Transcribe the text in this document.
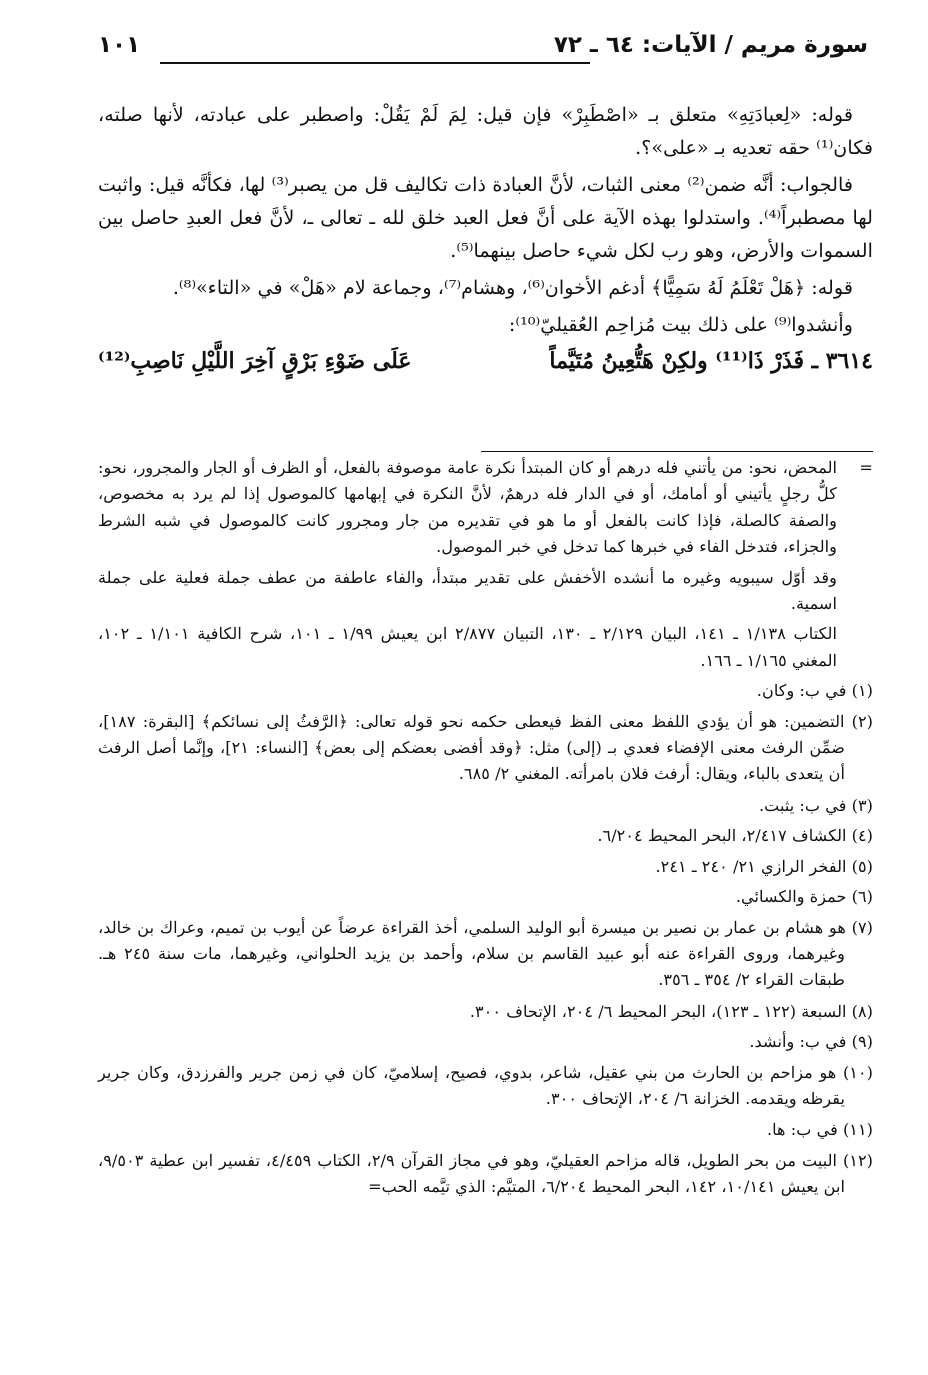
سورة مريم / الآيات: ٦٤ ـ ٧٢
١٠١

قوله: «لِعبادَتِهِ» متعلق بـ «اصْطَبِرْ» فإن قيل: لِمَ لَمْ يَقُلْ: واصطبر على عبادته، لأنها صلته، فكان⁽¹⁾ حقه تعديه بـ «على»؟.

فالجواب: أنَّه ضمن⁽²⁾ معنى الثبات، لأنَّ العبادة ذات تكاليف قل من يصبر⁽³⁾ لها، فكأنَّه قيل: واثبت لها مصطبراً⁽⁴⁾. واستدلوا بهذه الآية على أنَّ فعل العبد خلق لله ـ تعالى ـ، لأنَّ فعل العبدِ حاصل بين السموات والأرض، وهو رب لكل شيء حاصل بينهما⁽⁵⁾.

قوله: ﴿هَلْ تَعْلَمُ لَهُ سَمِيًّا﴾ أدغم الأخوان⁽⁶⁾، وهشام⁽⁷⁾، وجماعة لام «هَلْ» في «التاء»⁽⁸⁾.

وأنشدوا⁽⁹⁾ على ذلك بيت مُزاحِم العُقيليّ⁽¹⁰⁾:

٣٦١٤ ـ فَذَرْ ذَا⁽¹¹⁾ ولكِنْ هَتُّعِينُ مُتَيَّماً
عَلَى ضَوْءِ بَرْقٍ آخِرَ اللَّيْلِ نَاصِبِ⁽¹²⁾
=
المحض، نحو: من يأتني فله درهم أو كان المبتدأ نكرة عامة موصوفة بالفعل، أو الظرف أو الجار والمجرور، نحو: كلُّ رجلٍ يأتيني أو أمامك، أو في الدار فله درهمٌ، لأنَّ النكرة في إبهامها كالموصول إذا لم يرد به مخصوص، والصفة كالصلة، فإذا كانت بالفعل أو ما هو في تقديره من جار ومجرور كانت كالموصول في شبه الشرط والجزاء، فتدخل الفاء في خبرها كما تدخل في خبر الموصول.
وقد أوّل سيبويه وغيره ما أنشده الأخفش على تقدير مبتدأ، والفاء عاطفة من عطف جملة فعلية على جملة اسمية.
الكتاب ١/١٣٨ ـ ١٤١، البيان ٢/١٢٩ ـ ١٣٠، التبيان ٢/٨٧٧ ابن يعيش ١/٩٩ ـ ١٠١، شرح الكافية ١/١٠١ ـ ١٠٢، المغني ١/١٦٥ ـ ١٦٦.
(١) في ب: وكان.
(٢) التضمين: هو أن يؤدي اللفظ معنى الفظ فيعطى حكمه نحو قوله تعالى: ﴿الرَّفثُ إلى نسائكم﴾ [البقرة: ١٨٧]، ضمِّن الرفث معنى الإفضاء فعدي بـ (إلى) مثل: ﴿وقد أفضى بعضكم إلى بعض﴾ [النساء: ٢١]، وإنَّما أصل الرفث أن يتعدى بالباء، ويقال: أرفث فلان بامرأته. المغني ٢/ ٦٨٥.
(٣) في ب: يثبت.
(٤) الكشاف ٢/٤١٧، البحر المحيط ٦/٢٠٤.
(٥) الفخر الرازي ٢١/ ٢٤٠ ـ ٢٤١.
(٦) حمزة والكسائي.
(٧) هو هشام بن عمار بن نصير بن ميسرة أبو الوليد السلمي، أخذ القراءة عرضاً عن أيوب بن تميم، وعراك بن خالد، وغيرهما، وروى القراءة عنه أبو عبيد القاسم بن سلام، وأحمد بن يزيد الحلواني، وغيرهما، مات سنة ٢٤٥ هـ. طبقات القراء ٢/ ٣٥٤ ـ ٣٥٦.
(٨) السبعة (١٢٢ ـ ١٢٣)، البحر المحيط ٦/ ٢٠٤، الإتحاف ٣٠٠.
(٩) في ب: وأنشد.
(١٠) هو مزاحم بن الحارث من بني عقيل، شاعر، بدوي، فصيح، إسلاميّ، كان في زمن جرير والفرزدق، وكان جرير يقرظه ويقدمه. الخزانة ٦/ ٢٠٤، الإتحاف ٣٠٠.
(١١) في ب: ها.
(١٢) البيت من بحر الطويل، قاله مزاحم العقيليّ، وهو في مجاز القرآن ٢/٩، الكتاب ٤/٤٥٩، تفسير ابن عطية ٩/٥٠٣، ابن يعيش ١٠/١٤١، ١٤٢، البحر المحيط ٦/٢٠٤، المتيَّم: الذي تيَّمه الحب=
